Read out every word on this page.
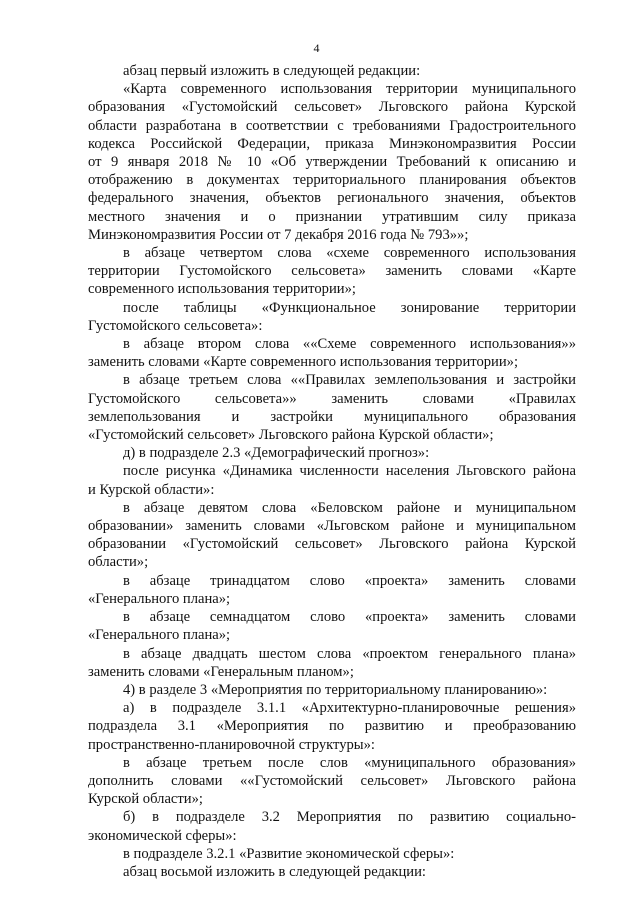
4
абзац первый изложить в следующей редакции:
«Карта современного использования территории муниципального
образования «Густомойский сельсовет» Льговского района Курской
области разработана в соответствии с требованиями Градостроительного
кодекса Российской Федерации, приказа Минэкономразвития России
от 9 января 2018 № 10 «Об утверждении Требований к описанию и
отображению в документах территориального планирования объектов
федерального значения, объектов регионального значения, объектов
местного значения и о признании утратившим силу приказа
Минэкономразвития России от 7 декабря 2016 года № 793»»;
в абзаце четвертом слова «схеме современного использования
территории Густомойского сельсовета» заменить словами «Карте
современного использования территории»;
после таблицы «Функциональное зонирование территории
Густомойского сельсовета»:
в абзаце втором слова ««Схеме современного использования»»
заменить словами «Карте современного использования территории»;
в абзаце третьем слова ««Правилах землепользования и застройки
Густомойского сельсовета»» заменить словами «Правилах
землепользования и застройки муниципального образования
«Густомойский сельсовет» Льговского района Курской области»;
д) в подразделе 2.3 «Демографический прогноз»:
после рисунка «Динамика численности населения Льговского района
и Курской области»:
в абзаце девятом слова «Беловском районе и муниципальном
образовании» заменить словами «Льговском районе и муниципальном
образовании «Густомойский сельсовет» Льговского района Курской
области»;
в абзаце тринадцатом слово «проекта» заменить словами
«Генерального плана»;
в абзаце семнадцатом слово «проекта» заменить словами
«Генерального плана»;
в абзаце двадцать шестом слова «проектом генерального плана»
заменить словами «Генеральным планом»;
4) в разделе 3 «Мероприятия по территориальному планированию»:
а) в подразделе 3.1.1 «Архитектурно-планировочные решения»
подраздела 3.1 «Мероприятия по развитию и преобразованию
пространственно-планировочной структуры»:
в абзаце третьем после слов «муниципального образования»
дополнить словами ««Густомойский сельсовет» Льговского района
Курской области»;
б) в подразделе 3.2 Мероприятия по развитию социально-
экономической сферы»:
в подразделе 3.2.1 «Развитие экономической сферы»:
абзац восьмой изложить в следующей редакции:
